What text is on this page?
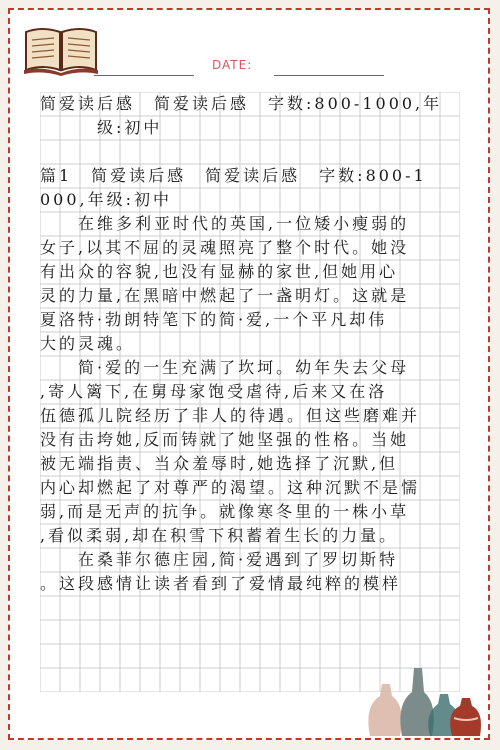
DATE:
简爱读后感　简爱读后感　字数:800-1000,年
　　　级:初中
篇1　简爱读后感　简爱读后感　字数:800-1
000,年级:初中
　　在维多利亚时代的英国,一位矮小瘦弱的
女子,以其不屈的灵魂照亮了整个时代。她没
有出众的容貌,也没有显赫的家世,但她用心
灵的力量,在黑暗中燃起了一盏明灯。这就是
夏洛特·勃朗特笔下的简·爱,一个平凡却伟
大的灵魂。
　　简·爱的一生充满了坎坷。幼年失去父母
,寄人篱下,在舅母家饱受虐待,后来又在洛
伍德孤儿院经历了非人的待遇。但这些磨难并
没有击垮她,反而铸就了她坚强的性格。当她
被无端指责、当众羞辱时,她选择了沉默,但
内心却燃起了对尊严的渴望。这种沉默不是懦
弱,而是无声的抗争。就像寒冬里的一株小草
,看似柔弱,却在积雪下积蓄着生长的力量。
　　在桑菲尔德庄园,简·爱遇到了罗切斯特
。这段感情让读者看到了爱情最纯粹的模样
